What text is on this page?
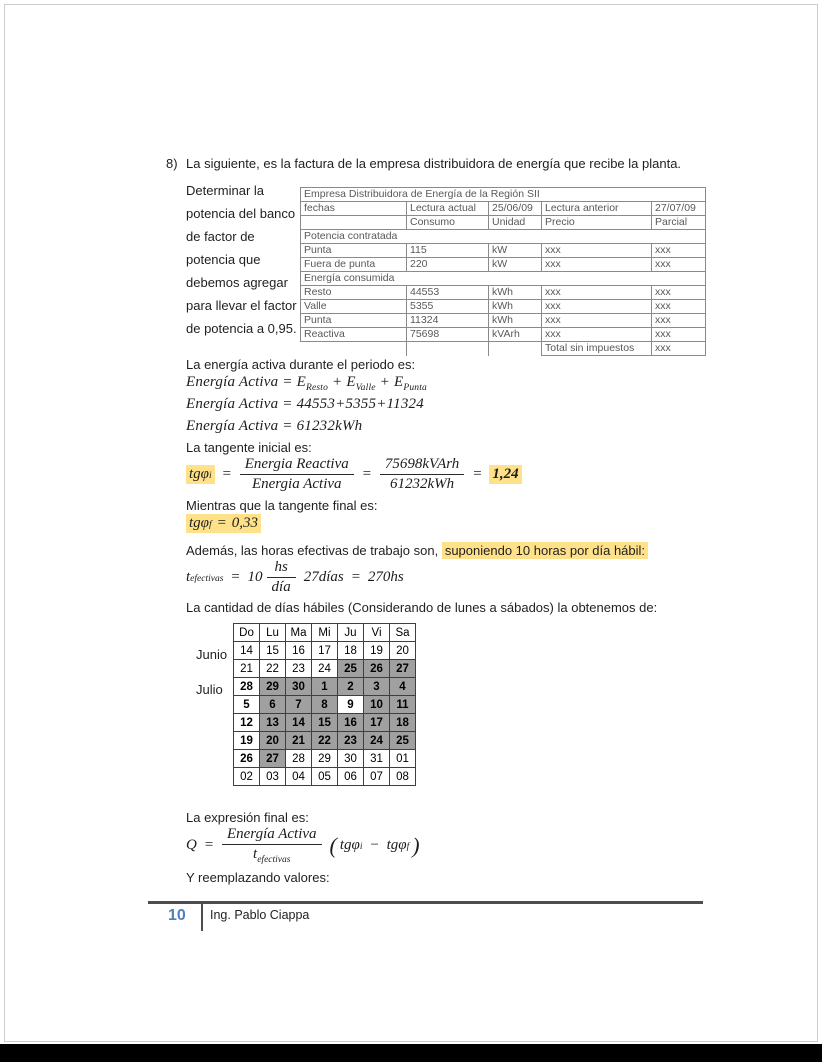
8) La siguiente, es la factura de la empresa distribuidora de energía que recibe la planta.
Determinar la
potencia del banco
de factor de
potencia que
debemos agregar
para llevar el factor
de potencia a 0,95.
Empresa Distribuidora de Energía de la Región SII				
fechas	Lectura actual	25/06/09	Lectura anterior	27/07/09
	Consumo	Unidad	Precio	Parcial
Potencia contratada				
Punta	115	kW	xxx	xxx
Fuera de punta	220	kW	xxx	xxx
Energía consumida				
Resto	44553	kWh	xxx	xxx
Valle	5355	kWh	xxx	xxx
Punta	11324	kWh	xxx	xxx
Reactiva	75698	kVArh	xxx	xxx
			Total sin impuestos	xxx
La energía activa durante el periodo es:
Energía Activa = $E_{Resto} + E_{Valle} + E_{Punta}$
Energía Activa = 44553+5355+11324
Energía Activa = 61232kWh
La tangente inicial es:
tgφ $i = \frac{\text{Energia Reactiva}}{\text{Energia Activa}} = \frac{\text{75698kVArh}}{\text{61232kWh}} = 1,24$
Mientras que la tangente final es:
tgφ f = 0,33
Además, las horas efectivas de trabajo son, suponiendo 10 horas por día hábil:
t efectivas = $10 \frac{hs}{\text{día}}$ 27días = 270hs
La cantidad de días hábiles (Considerando de lunes a sábados) la obtenemos de:
Junio
Julio
Do	Lu	Ma	Mi	Ju	Vi	Sa
14	15	16	17	18	19	20
21	22	23	24	25	26	27
28	29	30	1	2	3	4
5	6	7	8	9	10	11
12	13	14	15	16	17	18
19	20	21	22	23	24	25
26	27	28	29	30	31	01
02	03	04	05	06	07	08
La expresión final es:
$Q = \frac{\text{Energía Activa}}{t_{efectivas}}$ ( tgφ i − tgφ f )
Y reemplazando valores:
10 Ing. Pablo Ciappa
